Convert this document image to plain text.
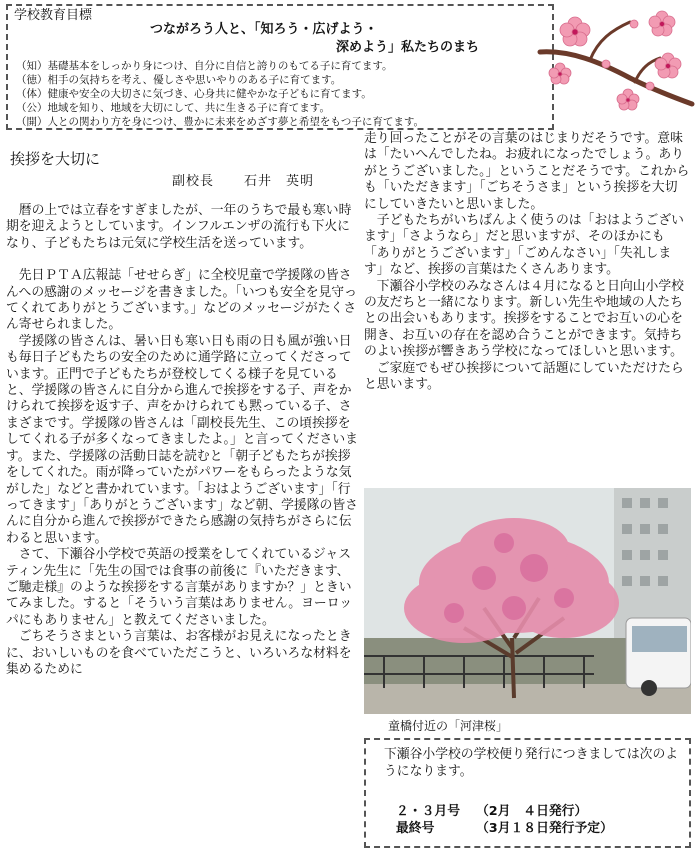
学校教育目標
つながろう人と、「知ろう・広げよう・
深めよう」私たちのまち
（知）基礎基本をしっかり身につけ、自分に自信と誇りのもてる子に育てます。
（徳）相手の気持ちを考え、優しさや思いやりのある子に育てます。
（体）健康や安全の大切さに気づき、心身共に健やかな子どもに育てます。
（公）地域を知り、地域を大切にして、共に生きる子に育てます。
（開）人との関わり方を身につけ、豊かに未来をめざす夢と希望をもつ子に育てます。
挨拶を大切に
副校長 石井　英明

暦の上では立春をすぎましたが、一年のうちで最も寒い時期を迎えようとしています。インフルエンザの流行も下火になり、子どもたちは元気に学校生活を送っています。

先日ＰＴＡ広報誌「せせらぎ」に全校児童で学援隊の皆さんへの感謝のメッセージを書きました。「いつも安全を見守ってくれてありがとうございます。」などのメッセージがたくさん寄せられました。

学援隊の皆さんは、暑い日も寒い日も雨の日も風が強い日も毎日子どもたちの安全のために通学路に立ってくださっています。正門で子どもたちが登校してくる様子を見ていると、学援隊の皆さんに自分から進んで挨拶をする子、声をかけられて挨拶を返す子、声をかけられても黙っている子、さまざまです。学援隊の皆さんは「副校長先生、この頃挨拶をしてくれる子が多くなってきましたよ。」と言ってくださいます。また、学援隊の活動日誌を読むと「朝子どもたちが挨拶をしてくれた。雨が降っていたがパワーをもらったような気がした」などと書かれています。「おはようございます」「行ってきます」「ありがとうございます」など朝、学援隊の皆さんに自分から進んで挨拶ができたら感謝の気持ちがさらに伝わると思います。

さて、下瀬谷小学校で英語の授業をしてくれているジャスティン先生に「先生の国では食事の前後に『いただきます、ご馳走様』のような挨拶をする言葉がありますか？」ときいてみました。すると「そういう言葉はありません。ヨーロッパにもありません」と教えてくださいました。

ごちそうさまという言葉は、お客様がお見えになったときに、おいしいものを食べていただこうと、いろいろな材料を集めるために

走り回ったことがその言葉のはじまりだそうです。意味は「たいへんでしたね。お疲れになったでしょう。ありがとうございました。」ということだそうです。これからも「いただきます」「ごちそうさま」という挨拶を大切にしていきたいと思いました。

子どもたちがいちばんよく使うのは「おはようございます」「さようなら」だと思いますが、そのほかにも「ありがとうございます」「ごめんなさい」「失礼します」など、挨拶の言葉はたくさんあります。

下瀬谷小学校のみなさんは４月になると日向山小学校の友だちと一緒になります。新しい先生や地域の人たちとの出会いもあります。挨拶をすることでお互いの心を開き、お互いの存在を認め合うことができます。気持ちのよい挨拶が響きあう学校になってほしいと思います。

ご家庭でもぜひ挨拶について話題にしていただけたらと思います。

童橋付近の「河津桜」

下瀬谷小学校の学校便り発行につきましては次のようになります。

２・３月号 （2月　４日発行）
最終号	（3月１８日発行予定）
